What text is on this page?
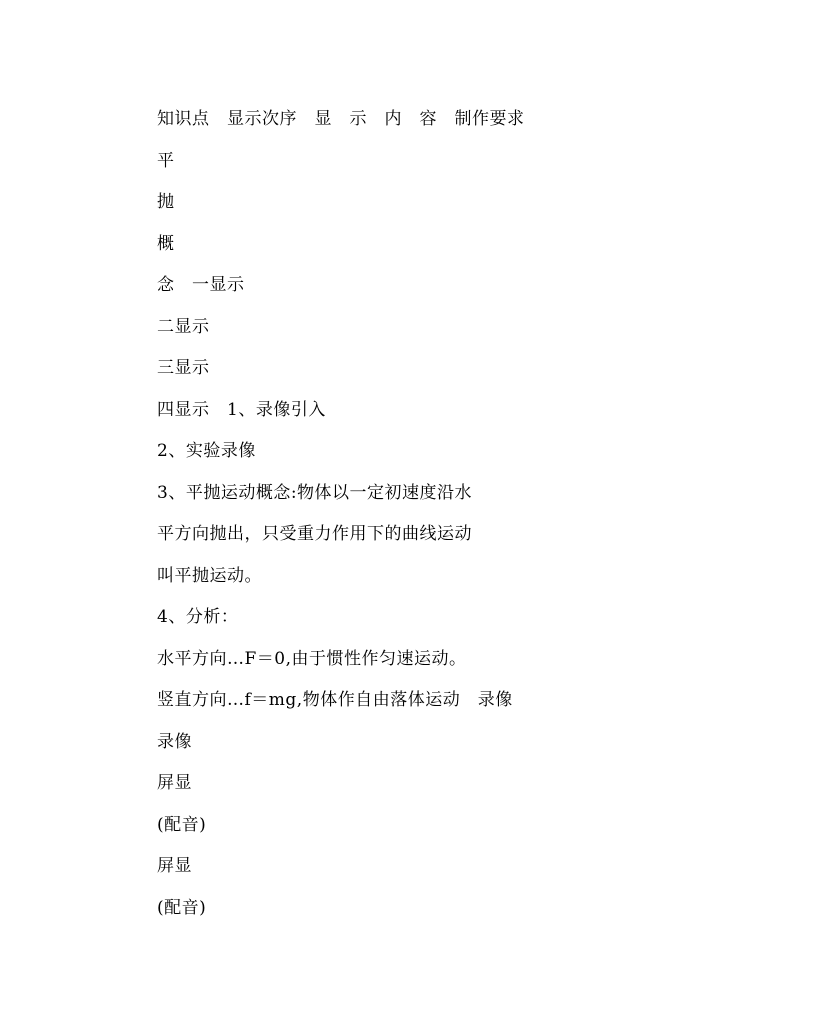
知识点　显示次序　显　示　内　容　制作要求
平
抛
概
念　一显示
二显示
三显示
四显示　1、录像引入
2、实验录像
3、平抛运动概念:物体以一定初速度沿水
平方向抛出，只受重力作用下的曲线运动
叫平抛运动。
4、分析：
水平方向…F＝0,由于惯性作匀速运动。
竖直方向…f＝mg,物体作自由落体运动　录像
录像
屏显
(配音)
屏显
(配音)
